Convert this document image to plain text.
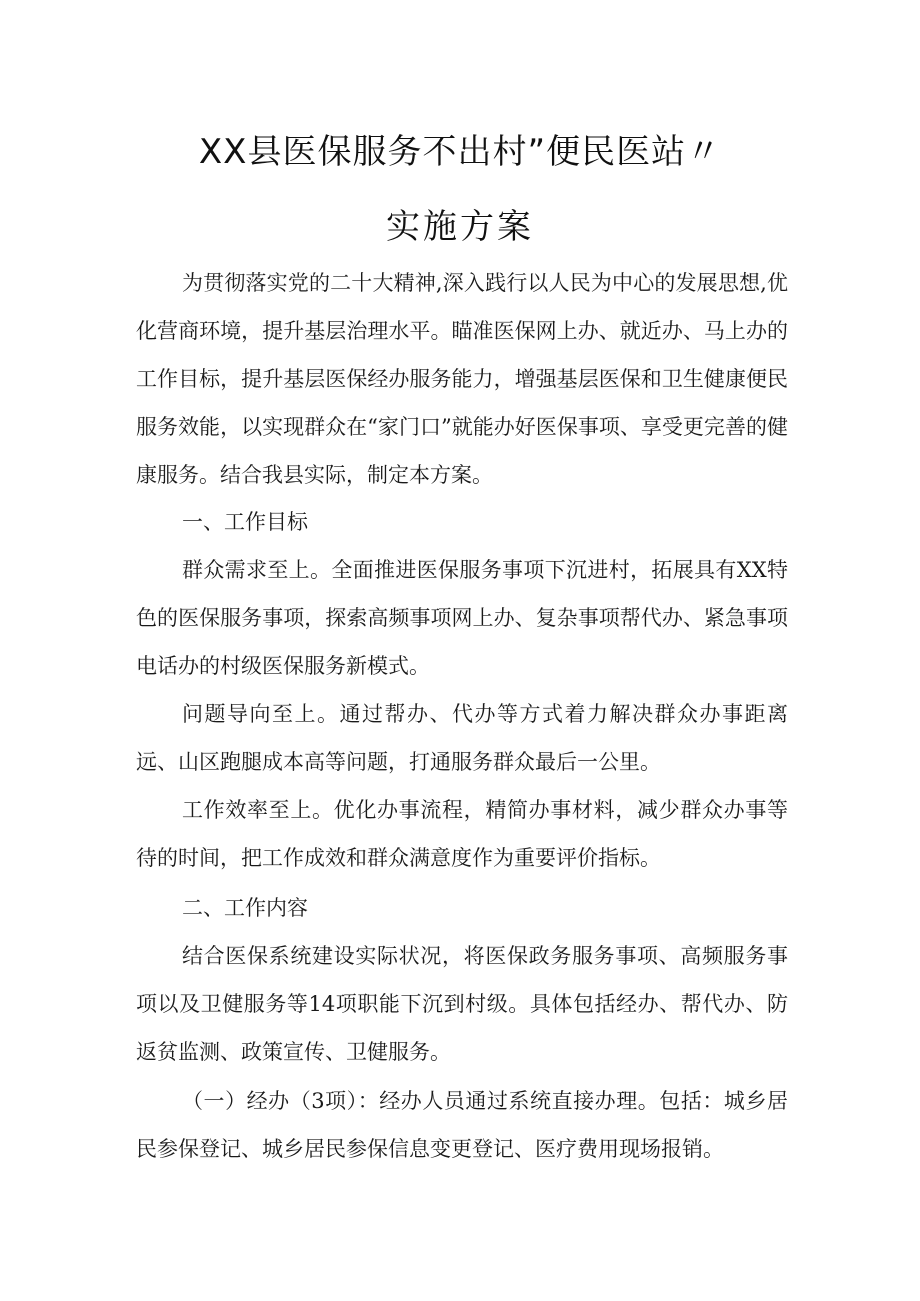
XX县医保服务不出村”便民医站〃
实施方案

为贯彻落实党的二十大精神,深入践行以人民为中心的发展思想,优化营商环境，提升基层治理水平。瞄准医保网上办、就近办、马上办的工作目标，提升基层医保经办服务能力，增强基层医保和卫生健康便民服务效能，以实现群众在“家门口”就能办好医保事项、享受更完善的健康服务。结合我县实际，制定本方案。

一、工作目标

群众需求至上。全面推进医保服务事项下沉进村，拓展具有XX特色的医保服务事项，探索高频事项网上办、复杂事项帮代办、紧急事项电话办的村级医保服务新模式。

问题导向至上。通过帮办、代办等方式着力解决群众办事距离远、山区跑腿成本高等问题，打通服务群众最后一公里。

工作效率至上。优化办事流程，精简办事材料，减少群众办事等待的时间，把工作成效和群众满意度作为重要评价指标。

二、工作内容

结合医保系统建设实际状况，将医保政务服务事项、高频服务事项以及卫健服务等14项职能下沉到村级。具体包括经办、帮代办、防返贫监测、政策宣传、卫健服务。

（一）经办（3项）：经办人员通过系统直接办理。包括：城乡居民参保登记、城乡居民参保信息变更登记、医疗费用现场报销。
